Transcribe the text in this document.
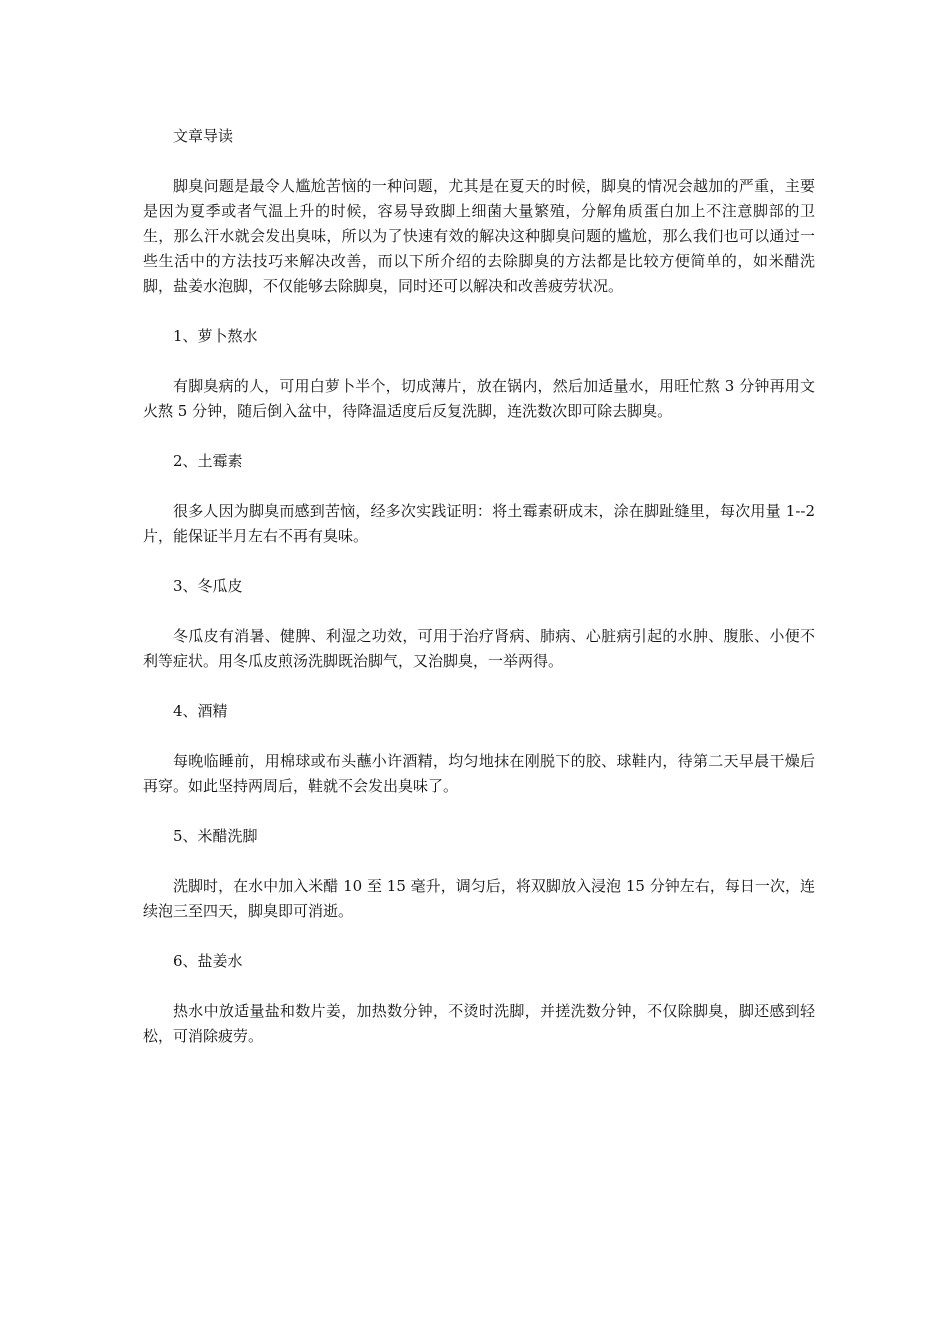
文章导读

脚臭问题是最令人尴尬苦恼的一种问题，尤其是在夏天的时候，脚臭的情况会越加的严重，主要是因为夏季或者气温上升的时候，容易导致脚上细菌大量繁殖，分解角质蛋白加上不注意脚部的卫生，那么汗水就会发出臭味，所以为了快速有效的解决这种脚臭问题的尴尬，那么我们也可以通过一些生活中的方法技巧来解决改善，而以下所介绍的去除脚臭的方法都是比较方便简单的，如米醋洗脚，盐姜水泡脚，不仅能够去除脚臭，同时还可以解决和改善疲劳状况。

1、萝卜熬水

有脚臭病的人，可用白萝卜半个，切成薄片，放在锅内，然后加适量水，用旺忙熬 3 分钟再用文火熬 5 分钟，随后倒入盆中，待降温适度后反复洗脚，连洗数次即可除去脚臭。

2、土霉素

很多人因为脚臭而感到苦恼，经多次实践证明：将土霉素研成末，涂在脚趾缝里，每次用量 1--2 片，能保证半月左右不再有臭味。

3、冬瓜皮

冬瓜皮有消暑、健脾、利湿之功效，可用于治疗肾病、肺病、心脏病引起的水肿、腹胀、小便不利等症状。用冬瓜皮煎汤洗脚既治脚气，又治脚臭，一举两得。

4、酒精

每晚临睡前，用棉球或布头蘸小许酒精，均匀地抹在刚脱下的胶、球鞋内，待第二天早晨干燥后再穿。如此坚持两周后，鞋就不会发出臭味了。

5、米醋洗脚

洗脚时，在水中加入米醋 10 至 15 毫升，调匀后，将双脚放入浸泡 15 分钟左右，每日一次，连续泡三至四天，脚臭即可消逝。

6、盐姜水

热水中放适量盐和数片姜，加热数分钟，不烫时洗脚，并搓洗数分钟，不仅除脚臭，脚还感到轻松，可消除疲劳。
